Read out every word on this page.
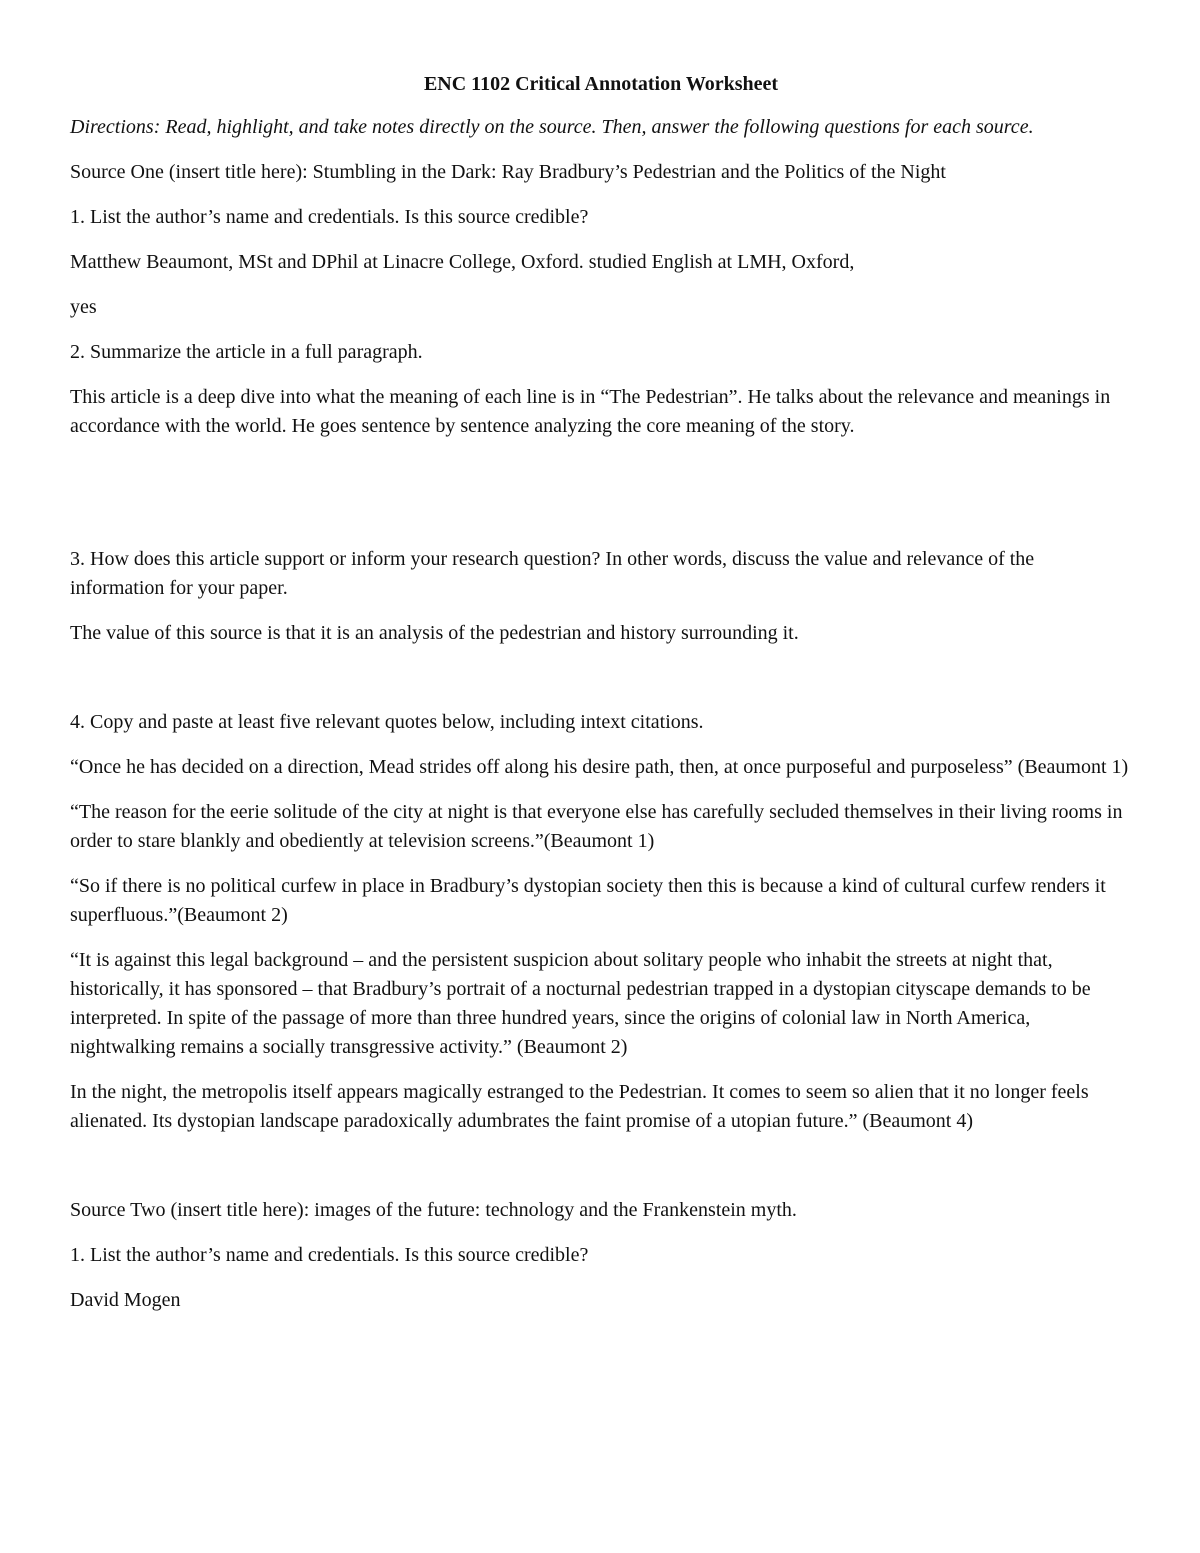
ENC 1102 Critical Annotation Worksheet

Directions: Read, highlight, and take notes directly on the source. Then, answer the following questions for each source.

Source One (insert title here): Stumbling in the Dark: Ray Bradbury’s Pedestrian and the Politics of the Night

1. List the author’s name and credentials. Is this source credible?

Matthew Beaumont, MSt and DPhil at Linacre College, Oxford. studied English at LMH, Oxford,

yes

2. Summarize the article in a full paragraph.

This article is a deep dive into what the meaning of each line is in “The Pedestrian”. He talks about the relevance and meanings in accordance with the world. He goes sentence by sentence analyzing the core meaning of the story.

3. How does this article support or inform your research question? In other words, discuss the value and relevance of the information for your paper.

The value of this source is that it is an analysis of the pedestrian and history surrounding it.

4. Copy and paste at least five relevant quotes below, including intext citations.

“Once he has decided on a direction, Mead strides off along his desire path, then, at once purposeful and purposeless” (Beaumont 1)

“The reason for the eerie solitude of the city at night is that everyone else has carefully secluded themselves in their living rooms in order to stare blankly and obediently at television screens.”(Beaumont 1)

“So if there is no political curfew in place in Bradbury’s dystopian society then this is because a kind of cultural curfew renders it superfluous.”(Beaumont 2)

“It is against this legal background – and the persistent suspicion about solitary people who inhabit the streets at night that, historically, it has sponsored – that Bradbury’s portrait of a nocturnal pedestrian trapped in a dystopian cityscape demands to be interpreted. In spite of the passage of more than three hundred years, since the origins of colonial law in North America, nightwalking remains a socially transgressive activity.” (Beaumont 2)

In the night, the metropolis itself appears magically estranged to the Pedestrian. It comes to seem so alien that it no longer feels alienated. Its dystopian landscape paradoxically adumbrates the faint promise of a utopian future.” (Beaumont 4)

Source Two (insert title here): images of the future: technology and the Frankenstein myth.

1. List the author’s name and credentials. Is this source credible?

David Mogen
